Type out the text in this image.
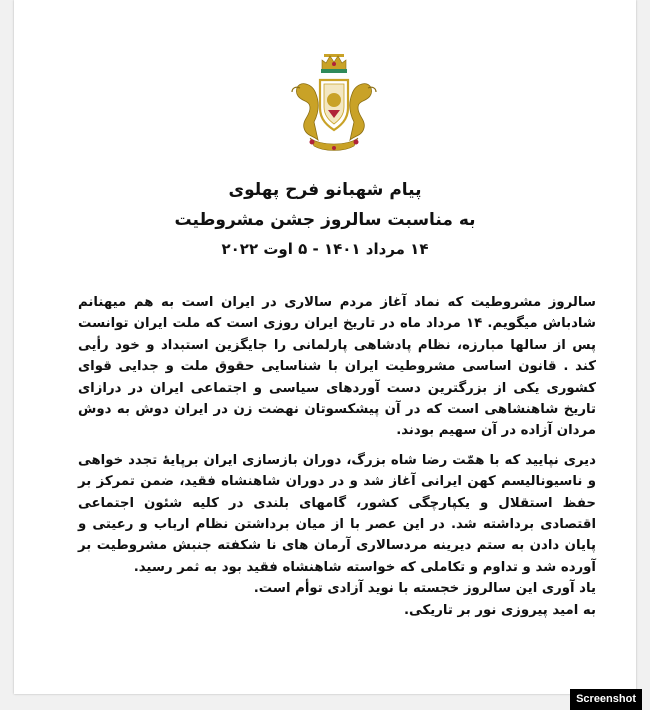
پیام شهبانو فرح پهلوی
به مناسبت سالروز جشن مشروطیت
۱۴ مرداد ۱۴۰۱ - ۵ اوت ۲۰۲۲

سالروز مشروطیت که نماد آغاز مردم سالاری در ایران است به هم میهنانم شادباش میگویم. ۱۴ مرداد ماه در تاریخ ایران روزی است که ملت ایران توانست پس از سالها مبارزه، نظام پادشاهی پارلمانی را جایگزین استبداد و خود رأیی کند . قانون اساسی مشروطیت ایران با شناسایی حقوق ملت و جدایی قوای کشوری یکی از بزرگترین دست آوردهای سیاسی و اجتماعی ایران در درازای تاریخ شاهنشاهی است که در آن پیشکسوتان نهضت زن در ایران دوش به دوش مردان آزاده در آن سهیم بودند.

دیری نپایید که با همّت رضا شاه بزرگ، دوران بازسازی ایران برپایهٔ تجدد خواهی و ناسیونالیسم کهن ایرانی آغاز شد و در دوران شاهنشاه فقید، ضمن تمرکز بر حفظ استقلال و یکپارچگی کشور، گامهای بلندی در کلیه شئون اجتماعی اقتصادی برداشته شد. در این عصر با از میان برداشتن نظام ارباب و رعیتی و پایان دادن به ستم دیرینه مردسالاری آرمان های نا شکفته جنبش مشروطیت بر آورده شد و تداوم و تکاملی که خواسته شاهنشاه فقید بود به ثمر رسید.

یاد آوری این سالروز خجسته با نوید آزادی توأم است.

به امید پیروزی نور بر تاریکی.

Screenshot
